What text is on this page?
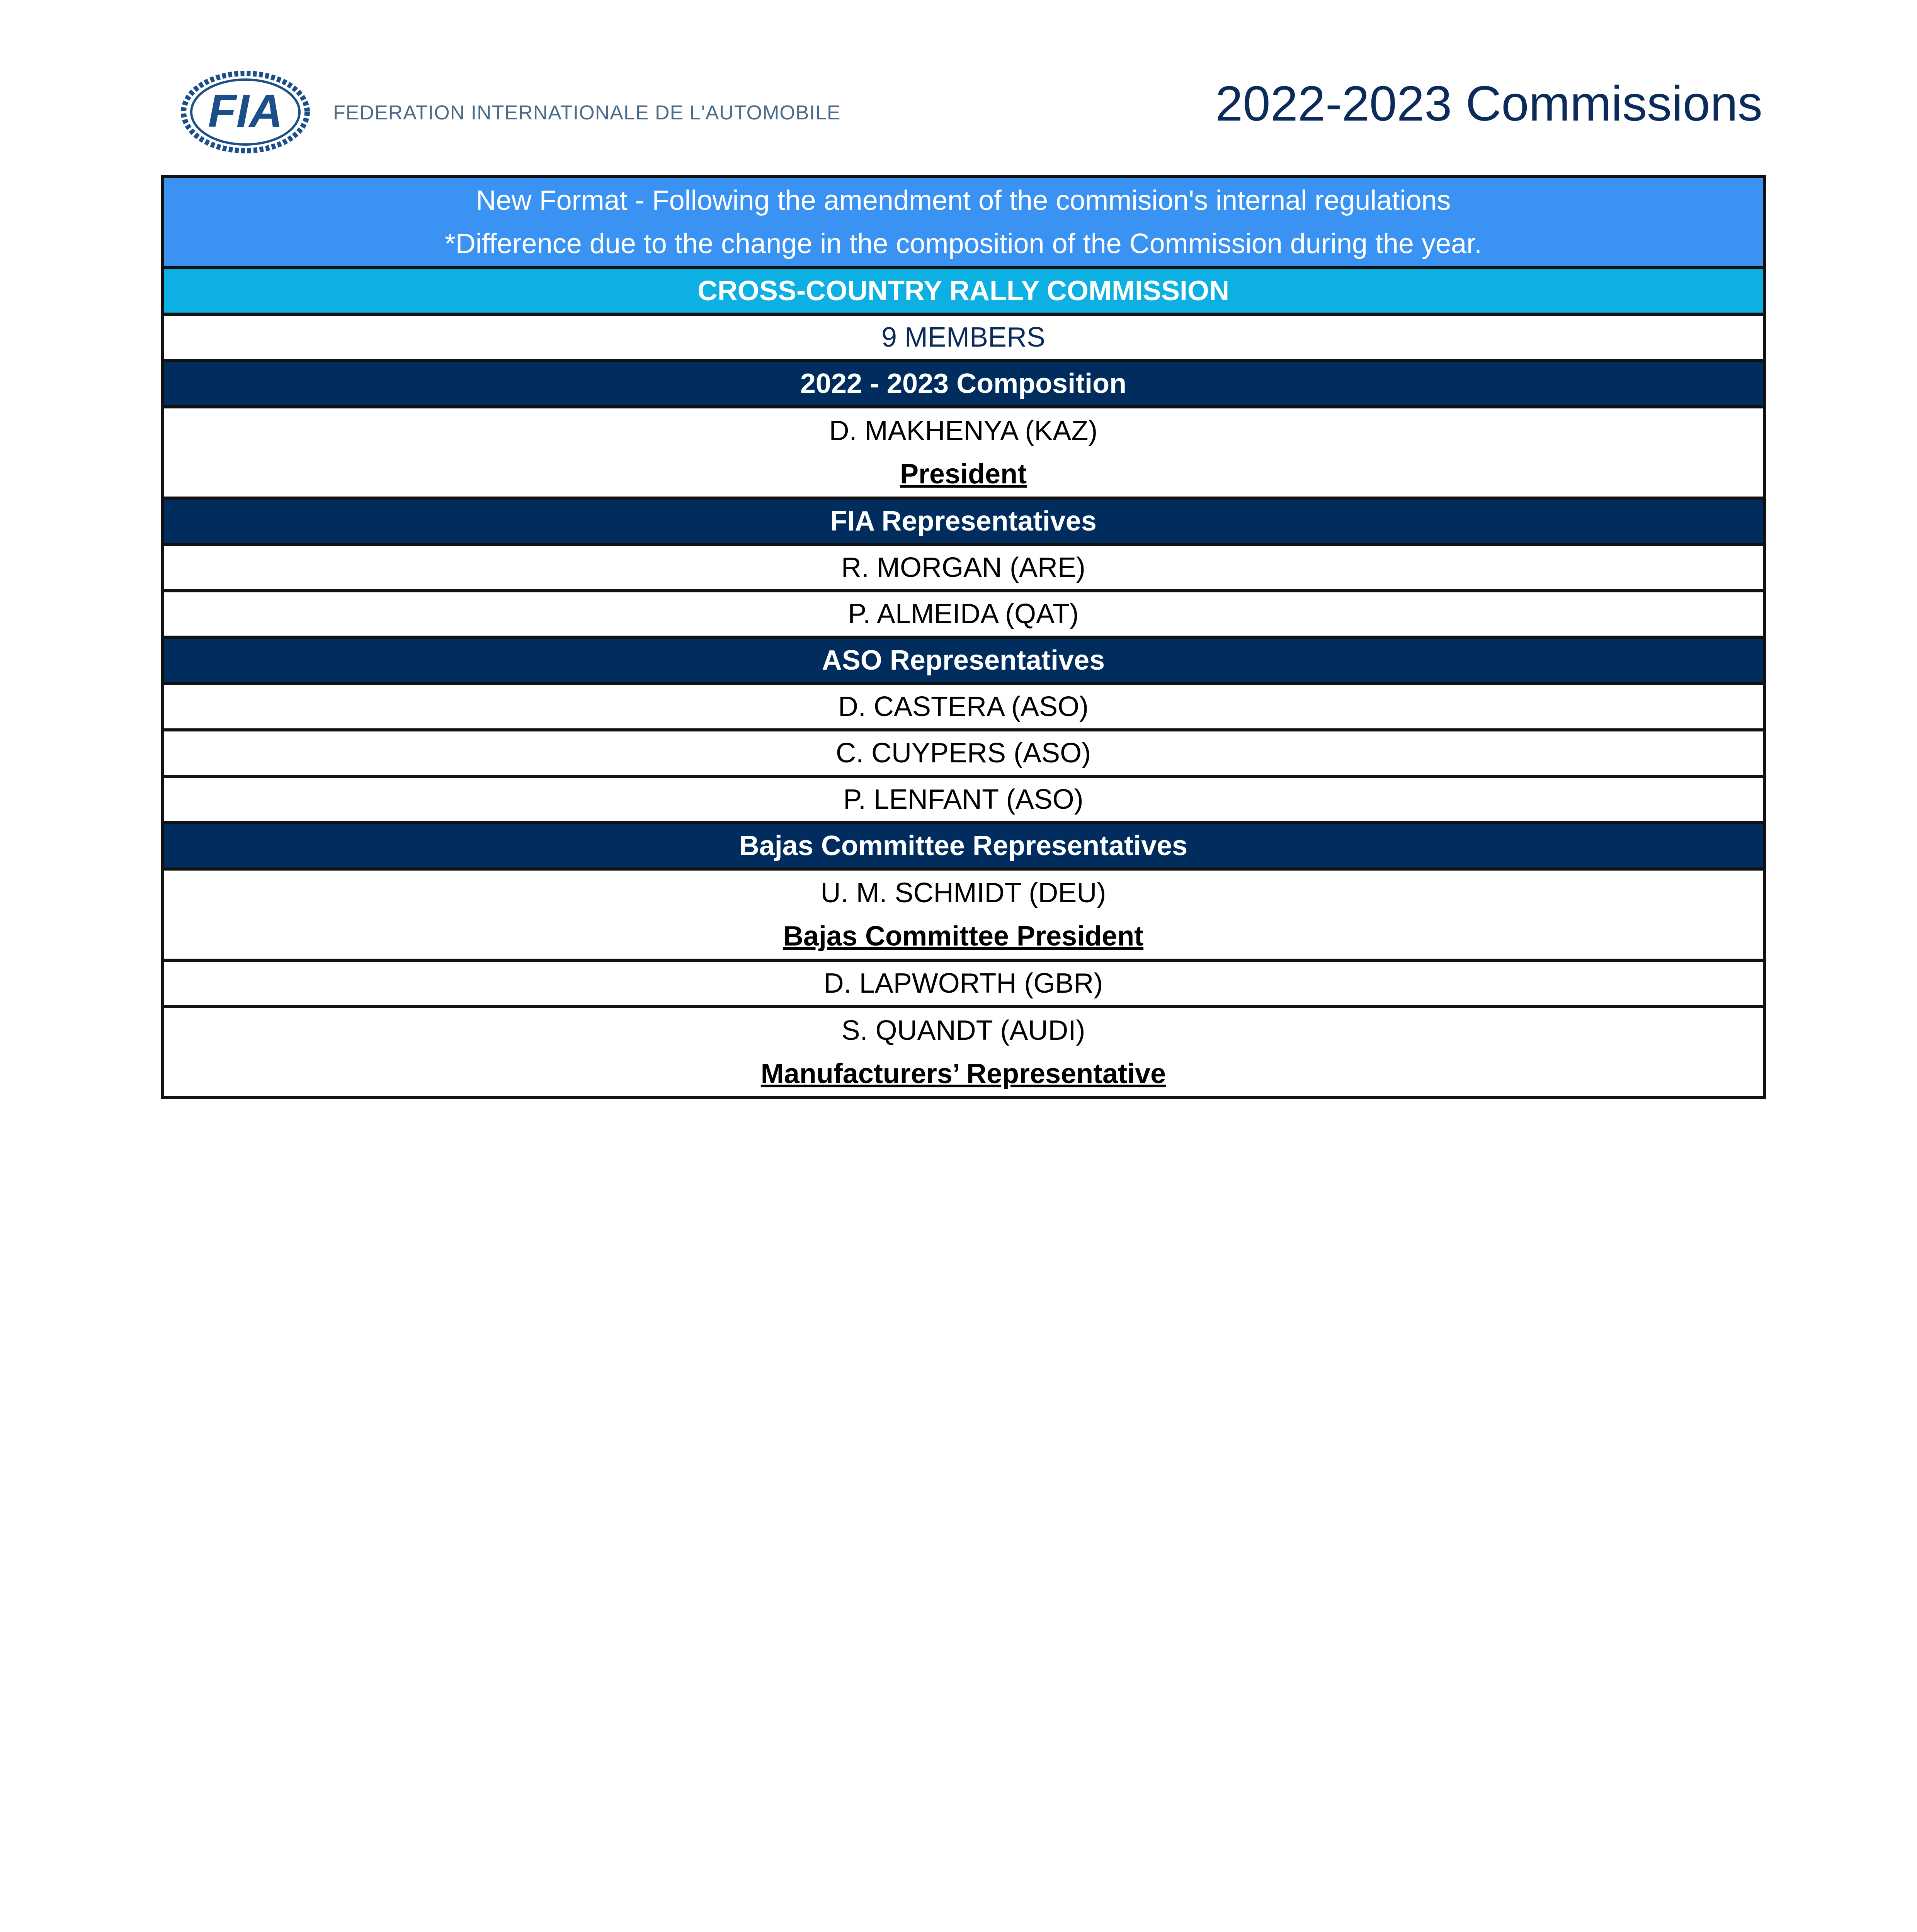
FIA	FEDERATION INTERNATIONALE DE L'AUTOMOBILE	2022-2023 Commissions
New Format - Following the amendment of the commision's internal regulations
*Difference due to the change in the composition of the Commission during the year.

CROSS-COUNTRY RALLY COMMISSION
9 MEMBERS
2022 - 2023 Composition

D. MAKHENYA (KAZ)
President

FIA Representatives
R. MORGAN (ARE)
P. ALMEIDA (QAT)
ASO Representatives
D. CASTERA (ASO)
C. CUYPERS (ASO)
P. LENFANT (ASO)
Bajas Committee Representatives

U. M. SCHMIDT (DEU)
Bajas Committee President

D. LAPWORTH (GBR)

S. QUANDT (AUDI)
Manufacturers’ Representative
